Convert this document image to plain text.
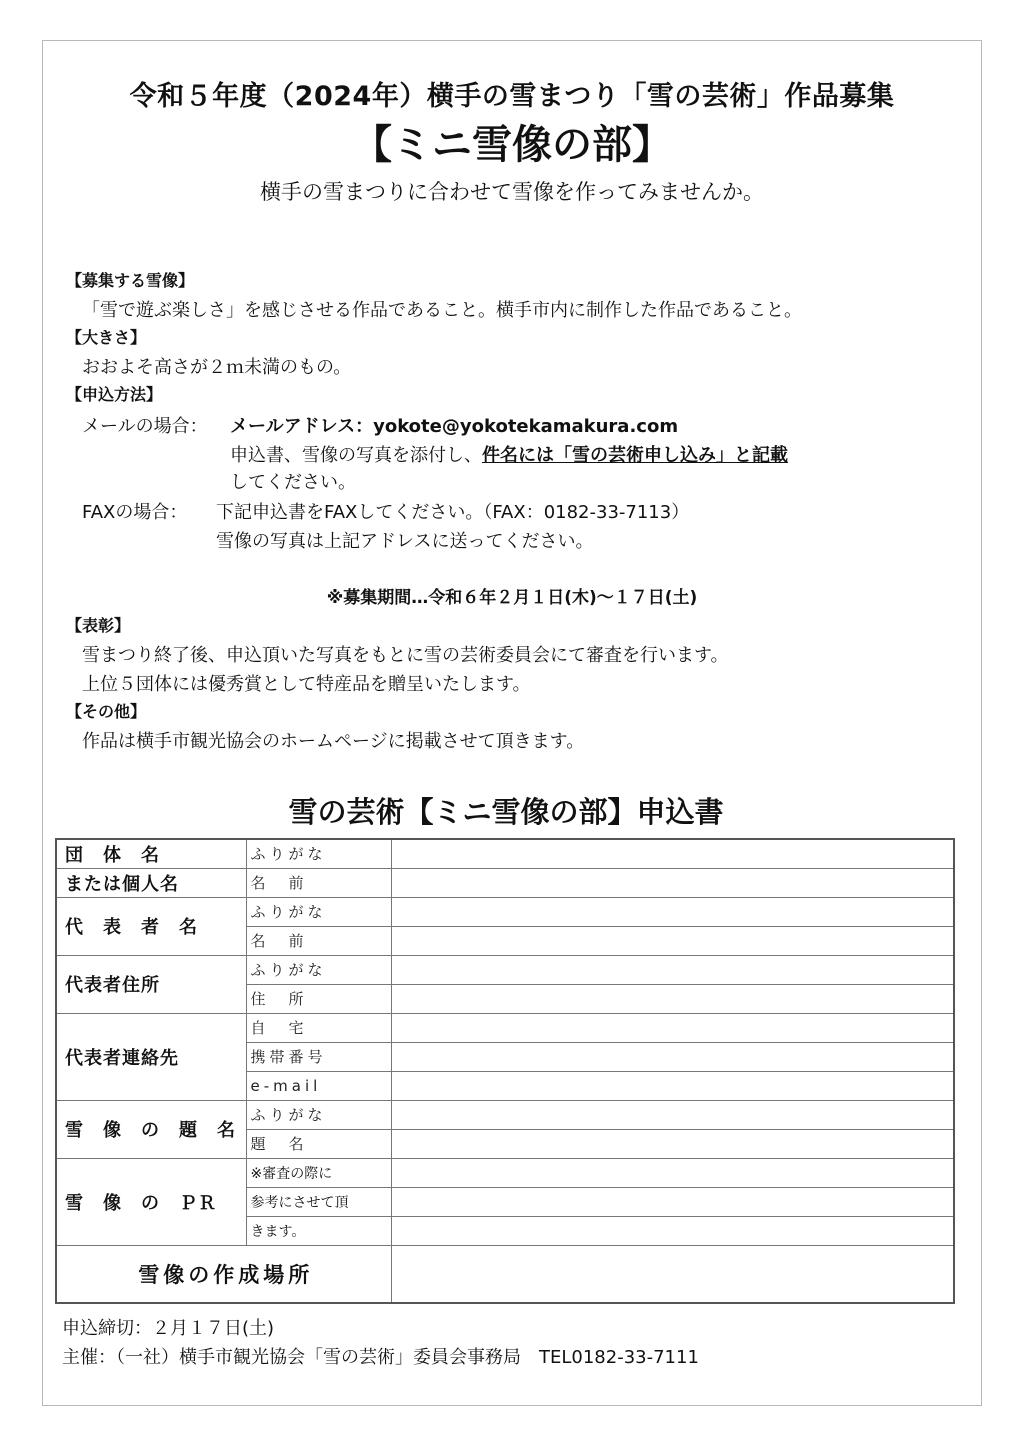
令和５年度（2024年）横手の雪まつり「雪の芸術」作品募集
【ミニ雪像の部】
横手の雪まつりに合わせて雪像を作ってみませんか。
【募集する雪像】
「雪で遊ぶ楽しさ」を感じさせる作品であること。横手市内に制作した作品であること。
【大きさ】
おおよそ高さが２ｍ未満のもの。
【申込方法】
メールの場合： メールアドレス：yokote@yokotekamakura.com
申込書、雪像の写真を添付し、件名には「雪の芸術申し込み」と記載
してください。
FAXの場合： 下記申込書をFAXしてください。（FAX：0182-33-7113）
雪像の写真は上記アドレスに送ってください。
※募集期間…令和６年２月１日(木)～１７日(土)
【表彰】
雪まつり終了後、申込頂いた写真をもとに雪の芸術委員会にて審査を行います。
上位５団体には優秀賞として特産品を贈呈いたします。
【その他】
作品は横手市観光協会のホームページに掲載させて頂きます。
雪の芸術【ミニ雪像の部】申込書
団　体　名	ふりがな	
または個人名	名　前	
代　表　者　名	ふりがな	
	名　前	
代表者住所	ふりがな	
	住　所	
代表者連絡先	自　宅	
	携帯番号	
	e-mail	
雪　像　の　題　名	ふりがな	
	題　名	
雪　像　の　ＰＲ	※審査の際に	
	参考にさせて頂	
	きます。	
雪像の作成場所		
申込締切：２月１７日(土)
主催：（一社）横手市観光協会「雪の芸術」委員会事務局　TEL0182-33-7111
